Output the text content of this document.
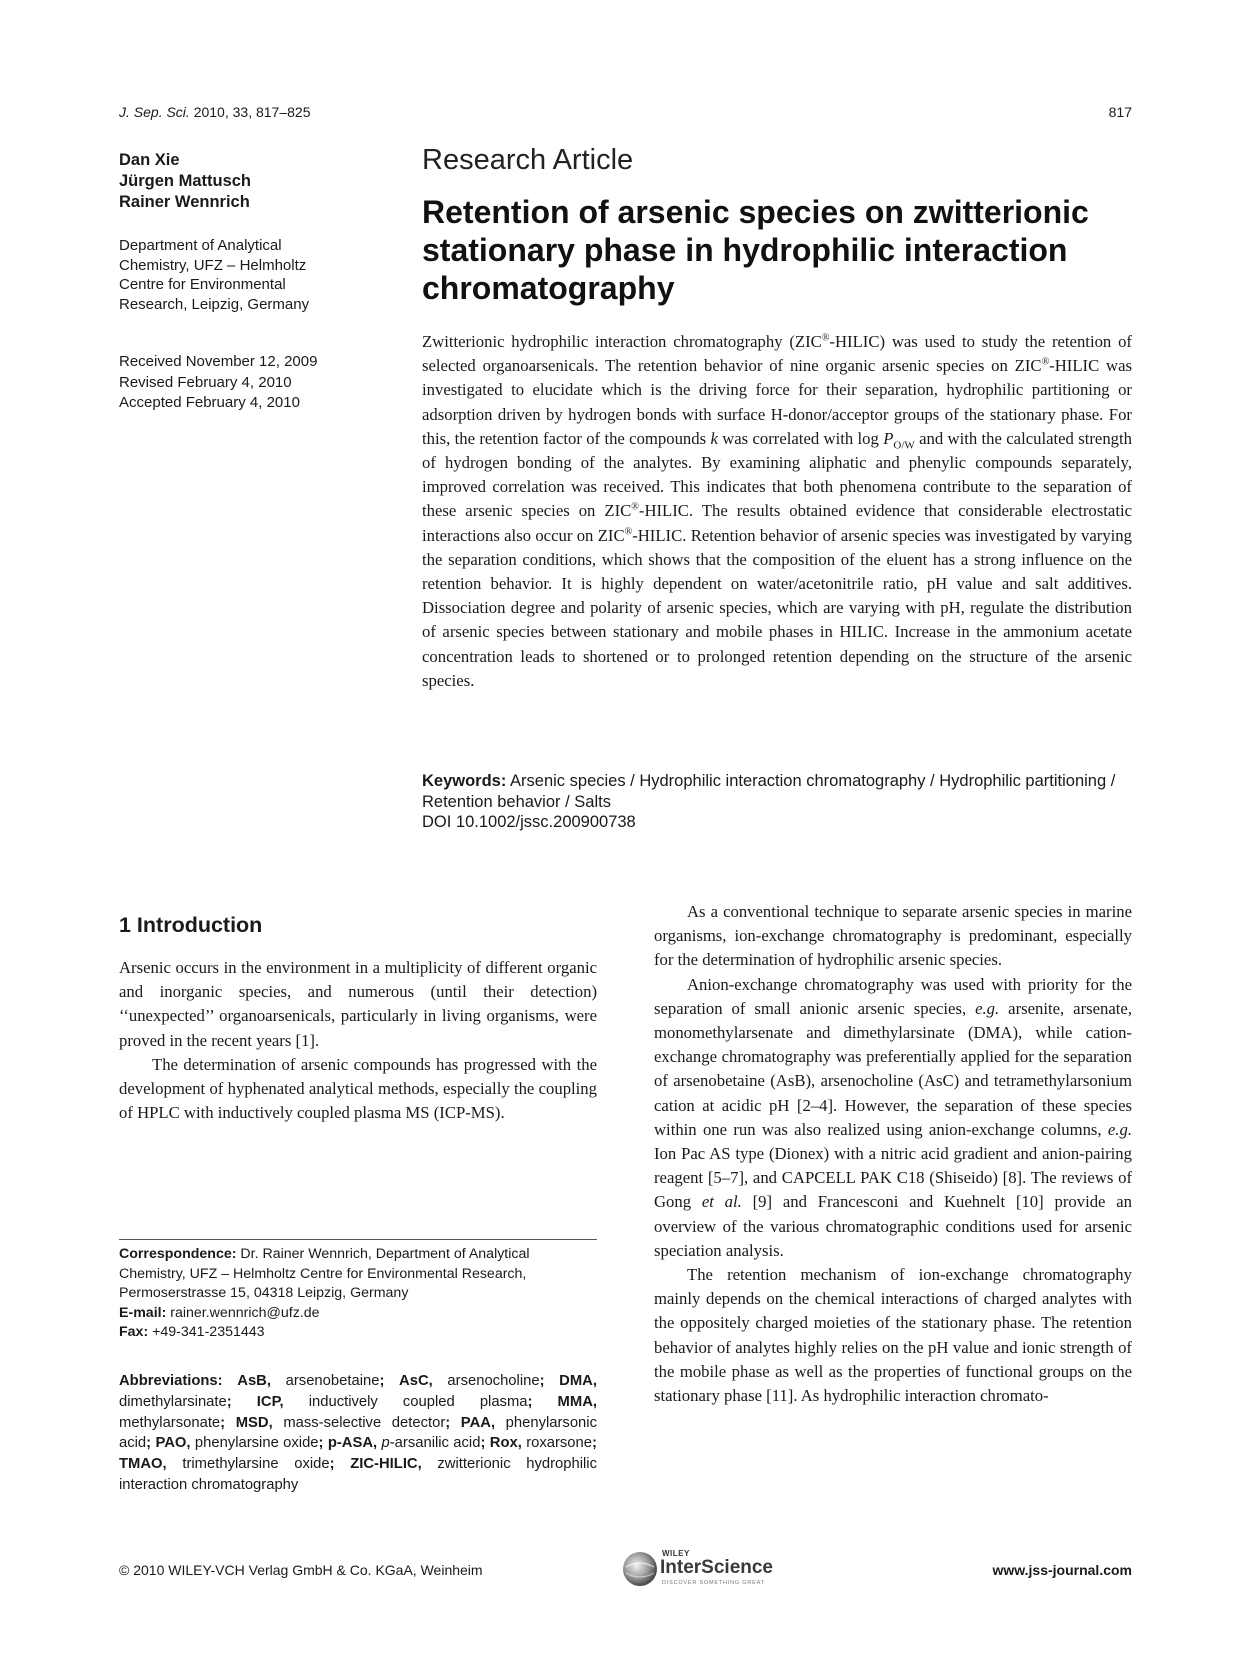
J. Sep. Sci. 2010, 33, 817–825	817
Dan Xie
Jürgen Mattusch
Rainer Wennrich
Department of Analytical
Chemistry, UFZ – Helmholtz
Centre for Environmental
Research, Leipzig, Germany
Received November 12, 2009
Revised February 4, 2010
Accepted February 4, 2010
Research Article
Retention of arsenic species on zwitterionic stationary phase in hydrophilic interaction chromatography
Zwitterionic hydrophilic interaction chromatography (ZIC®-HILIC) was used to study the retention of selected organoarsenicals. The retention behavior of nine organic arsenic species on ZIC®-HILIC was investigated to elucidate which is the driving force for their separation, hydrophilic partitioning or adsorption driven by hydrogen bonds with surface H-donor/acceptor groups of the stationary phase. For this, the retention factor of the compounds k was correlated with $\log P_{O/W}$ and with the calculated strength of hydrogen bonding of the analytes. By examining aliphatic and phenylic compounds separately, improved correlation was received. This indicates that both phenomena contribute to the separation of these arsenic species on ZIC®-HILIC. The results obtained evidence that considerable electrostatic interactions also occur on ZIC®-HILIC. Retention behavior of arsenic species was investigated by varying the separation conditions, which shows that the composition of the eluent has a strong influence on the retention behavior. It is highly dependent on water/acetonitrile ratio, pH value and salt additives. Dissociation degree and polarity of arsenic species, which are varying with pH, regulate the distribution of arsenic species between stationary and mobile phases in HILIC. Increase in the ammonium acetate concentration leads to shortened or to prolonged retention depending on the structure of the arsenic species.
Keywords: Arsenic species / Hydrophilic interaction chromatography / Hydrophilic partitioning / Retention behavior / Salts
DOI 10.1002/jssc.200900738
1 Introduction

Arsenic occurs in the environment in a multiplicity of different organic and inorganic species, and numerous (until their detection) ‘‘unexpected’’ organoarsenicals, particularly in living organisms, were proved in the recent years [1].

The determination of arsenic compounds has progressed with the development of hyphenated analytical methods, especially the coupling of HPLC with inductively coupled plasma MS (ICP-MS).

As a conventional technique to separate arsenic species in marine organisms, ion-exchange chromatography is predominant, especially for the determination of hydrophilic arsenic species.

Anion-exchange chromatography was used with priority for the separation of small anionic arsenic species, e.g. arsenite, arsenate, monomethylarsenate and dimethylarsinate (DMA), while cation-exchange chromatography was preferentially applied for the separation of arsenobetaine (AsB), arsenocholine (AsC) and tetramethylarsonium cation at acidic pH [2–4]. However, the separation of these species within one run was also realized using anion-exchange columns, e.g. Ion Pac AS type (Dionex) with a nitric acid gradient and anion-pairing reagent [5–7], and CAPCELL PAK C18 (Shiseido) [8]. The reviews of Gong et al. [9] and Francesconi and Kuehnelt [10] provide an overview of the various chromatographic conditions used for arsenic speciation analysis.

The retention mechanism of ion-exchange chromatography mainly depends on the chemical interactions of charged analytes with the oppositely charged moieties of the stationary phase. The retention behavior of analytes highly relies on the pH value and ionic strength of the mobile phase as well as the properties of functional groups on the stationary phase [11]. As hydrophilic interaction chromato-

Correspondence: Dr. Rainer Wennrich, Department of Analytical Chemistry, UFZ – Helmholtz Centre for Environmental Research, Permoserstrasse 15, 04318 Leipzig, Germany
E-mail: rainer.wennrich@ufz.de
Fax: +49-341-2351443
Abbreviations: AsB, arsenobetaine; AsC, arsenocholine; DMA, dimethylarsinate; ICP, inductively coupled plasma; MMA, methylarsonate; MSD, mass-selective detector; PAA, phenylarsonic acid; PAO, phenylarsine oxide; p-ASA, p-arsanilic acid; Rox, roxarsone; TMAO, trimethylarsine oxide; ZIC-HILIC, zwitterionic hydrophilic interaction chromatography
© 2010 WILEY-VCH Verlag GmbH & Co. KGaA, Weinheim
WILEY
InterScience
DISCOVER SOMETHING GREAT
www.jss-journal.com
